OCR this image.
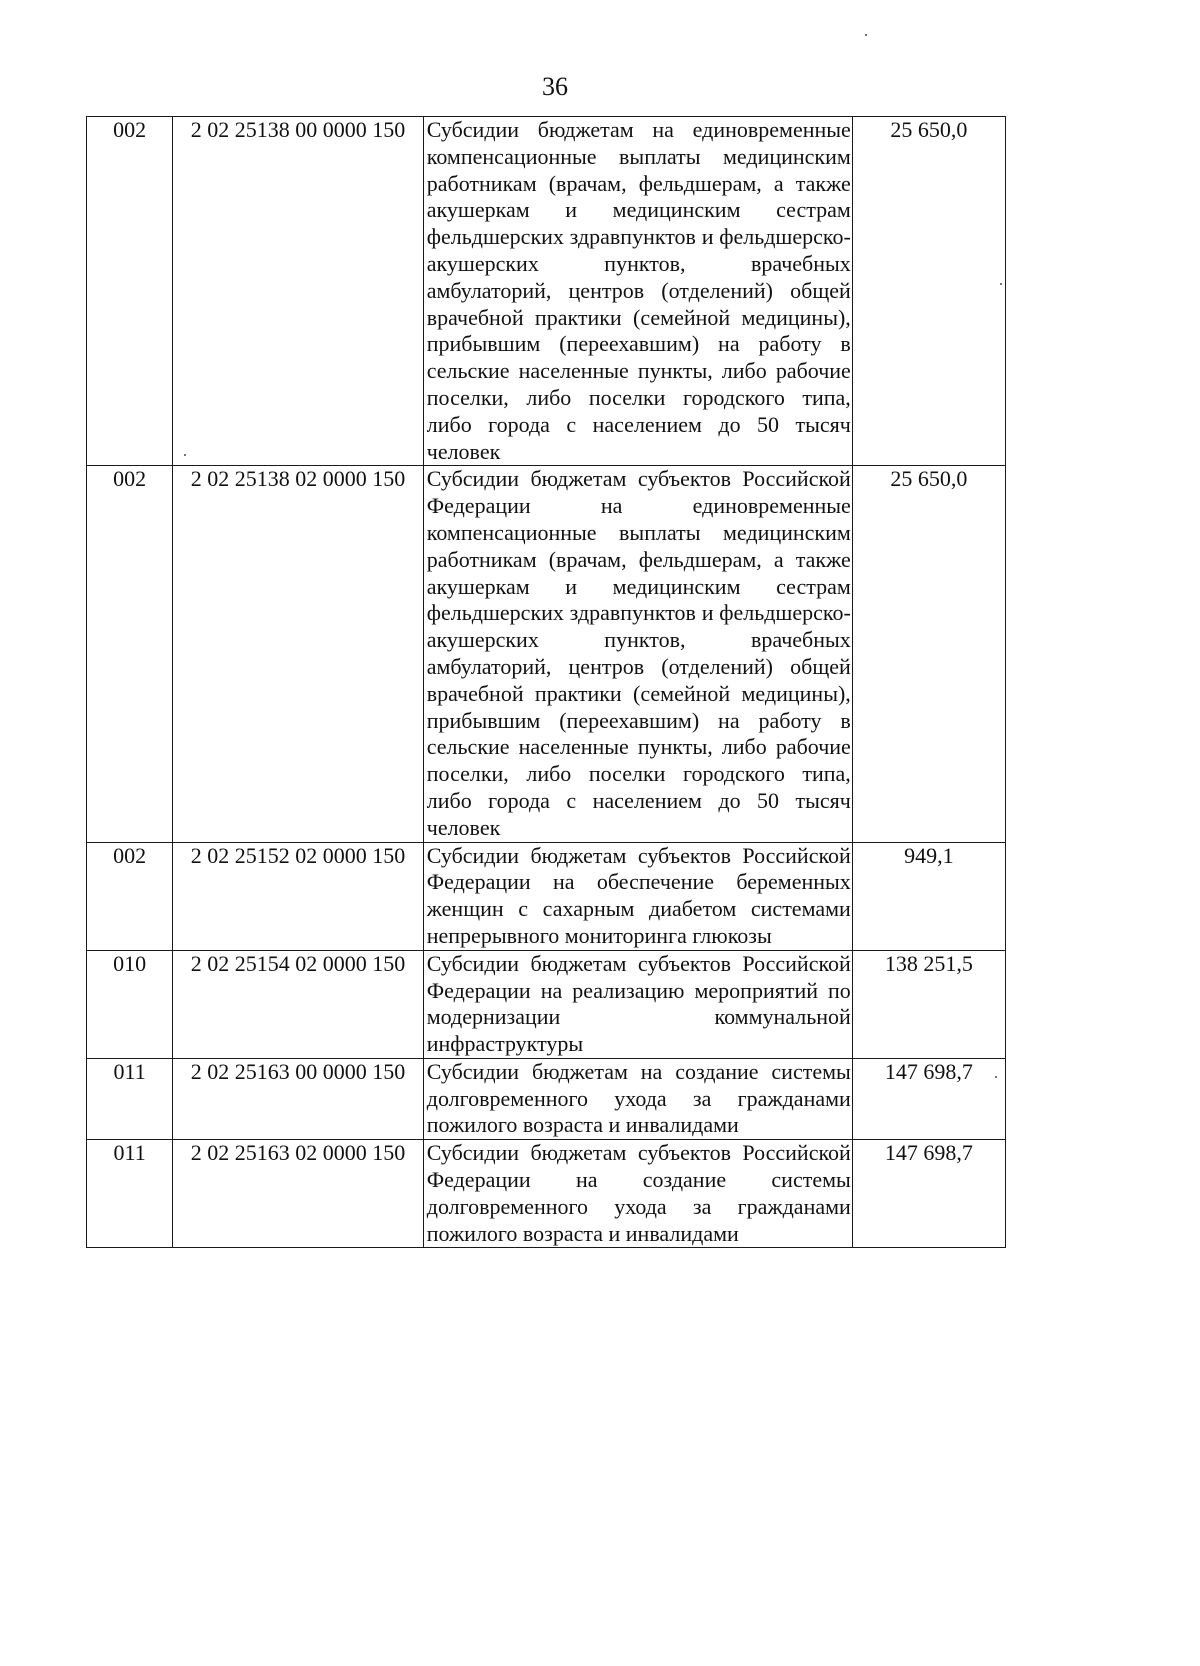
36
002	2 02 25138 00 0000 150	Субсидии бюджетам на единовременные компенсационные выплаты медицинским работникам (врачам, фельдшерам, а также акушеркам и медицинским сестрам фельдшерских здравпунктов и фельдшерско-акушерских пунктов, врачебных амбулаторий, центров (отделений) общей врачебной практики (семейной медицины), прибывшим (переехавшим) на работу в сельские населенные пункты, либо рабочие поселки, либо поселки городского типа, либо города с населением до 50 тысяч человек	25 650,0
002	2 02 25138 02 0000 150	Субсидии бюджетам субъектов Российской Федерации на единовременные компенсационные выплаты медицинским работникам (врачам, фельдшерам, а также акушеркам и медицинским сестрам фельдшерских здравпунктов и фельдшерско-акушерских пунктов, врачебных амбулаторий, центров (отделений) общей врачебной практики (семейной медицины), прибывшим (переехавшим) на работу в сельские населенные пункты, либо рабочие поселки, либо поселки городского типа, либо города с населением до 50 тысяч человек	25 650,0
002	2 02 25152 02 0000 150	Субсидии бюджетам субъектов Российской Федерации на обеспечение беременных женщин с сахарным диабетом системами непрерывного мониторинга глюкозы	949,1
010	2 02 25154 02 0000 150	Субсидии бюджетам субъектов Российской Федерации на реализацию мероприятий по модернизации коммунальной инфраструктуры	138 251,5
011	2 02 25163 00 0000 150	Субсидии бюджетам на создание системы долговременного ухода за гражданами пожилого возраста и инвалидами	147 698,7
011	2 02 25163 02 0000 150	Субсидии бюджетам субъектов Российской Федерации на создание системы долговременного ухода за гражданами пожилого возраста и инвалидами	147 698,7
